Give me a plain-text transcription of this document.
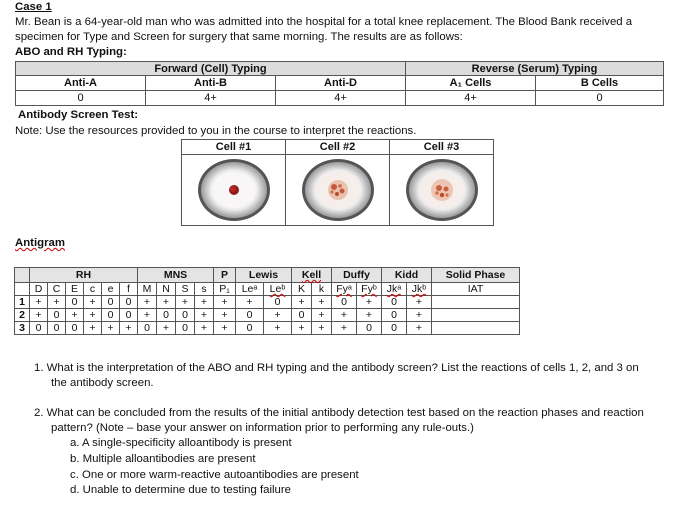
Case 1
Mr. Bean is a 64-year-old man who was admitted into the hospital for a total knee replacement. The Blood Bank received a
specimen for Type and Screen for surgery that same morning. The results are as follows:
ABO and RH Typing:
Forward (Cell) Typing			Reverse (Serum) Typing	
Anti-A	Anti-B	Anti-D	A₁ Cells	B Cells
0	4+	4+	4+	0
Antibody Screen Test:
Note: Use the resources provided to you in the course to interpret the reactions.
Cell #1	Cell #2	Cell #3

Antigram
	RH						MNS				P	Lewis		Kell		Duffy		Kidd		Solid Phase
	D	C	E	c	e	f	M	N	S	s	P₁	Leᵃ	Leᵇ	K	k	Fyᵃ	Fyᵇ	Jkᵃ	Jkᵇ	IAT
1	+	+	0	+	0	0	+	+	+	+	+	+	0	+	+	0	+	0	+	
2	+	0	+	+	0	0	+	0	0	+	+	0	+	0	+	+	+	0	+	
3	0	0	0	+	+	+	0	+	0	+	+	0	+	+	+	+	0	0	+	
1. What is the interpretation of the ABO and RH typing and the antibody screen? List the reactions of cells 1, 2, and 3 on
the antibody screen.
2. What can be concluded from the results of the initial antibody detection test based on the reaction phases and reaction
pattern? (Note – base your answer on information prior to performing any rule-outs.)
a. A single-specificity alloantibody is present
b. Multiple alloantibodies are present
c. One or more warm-reactive autoantibodies are present
d. Unable to determine due to testing failure
